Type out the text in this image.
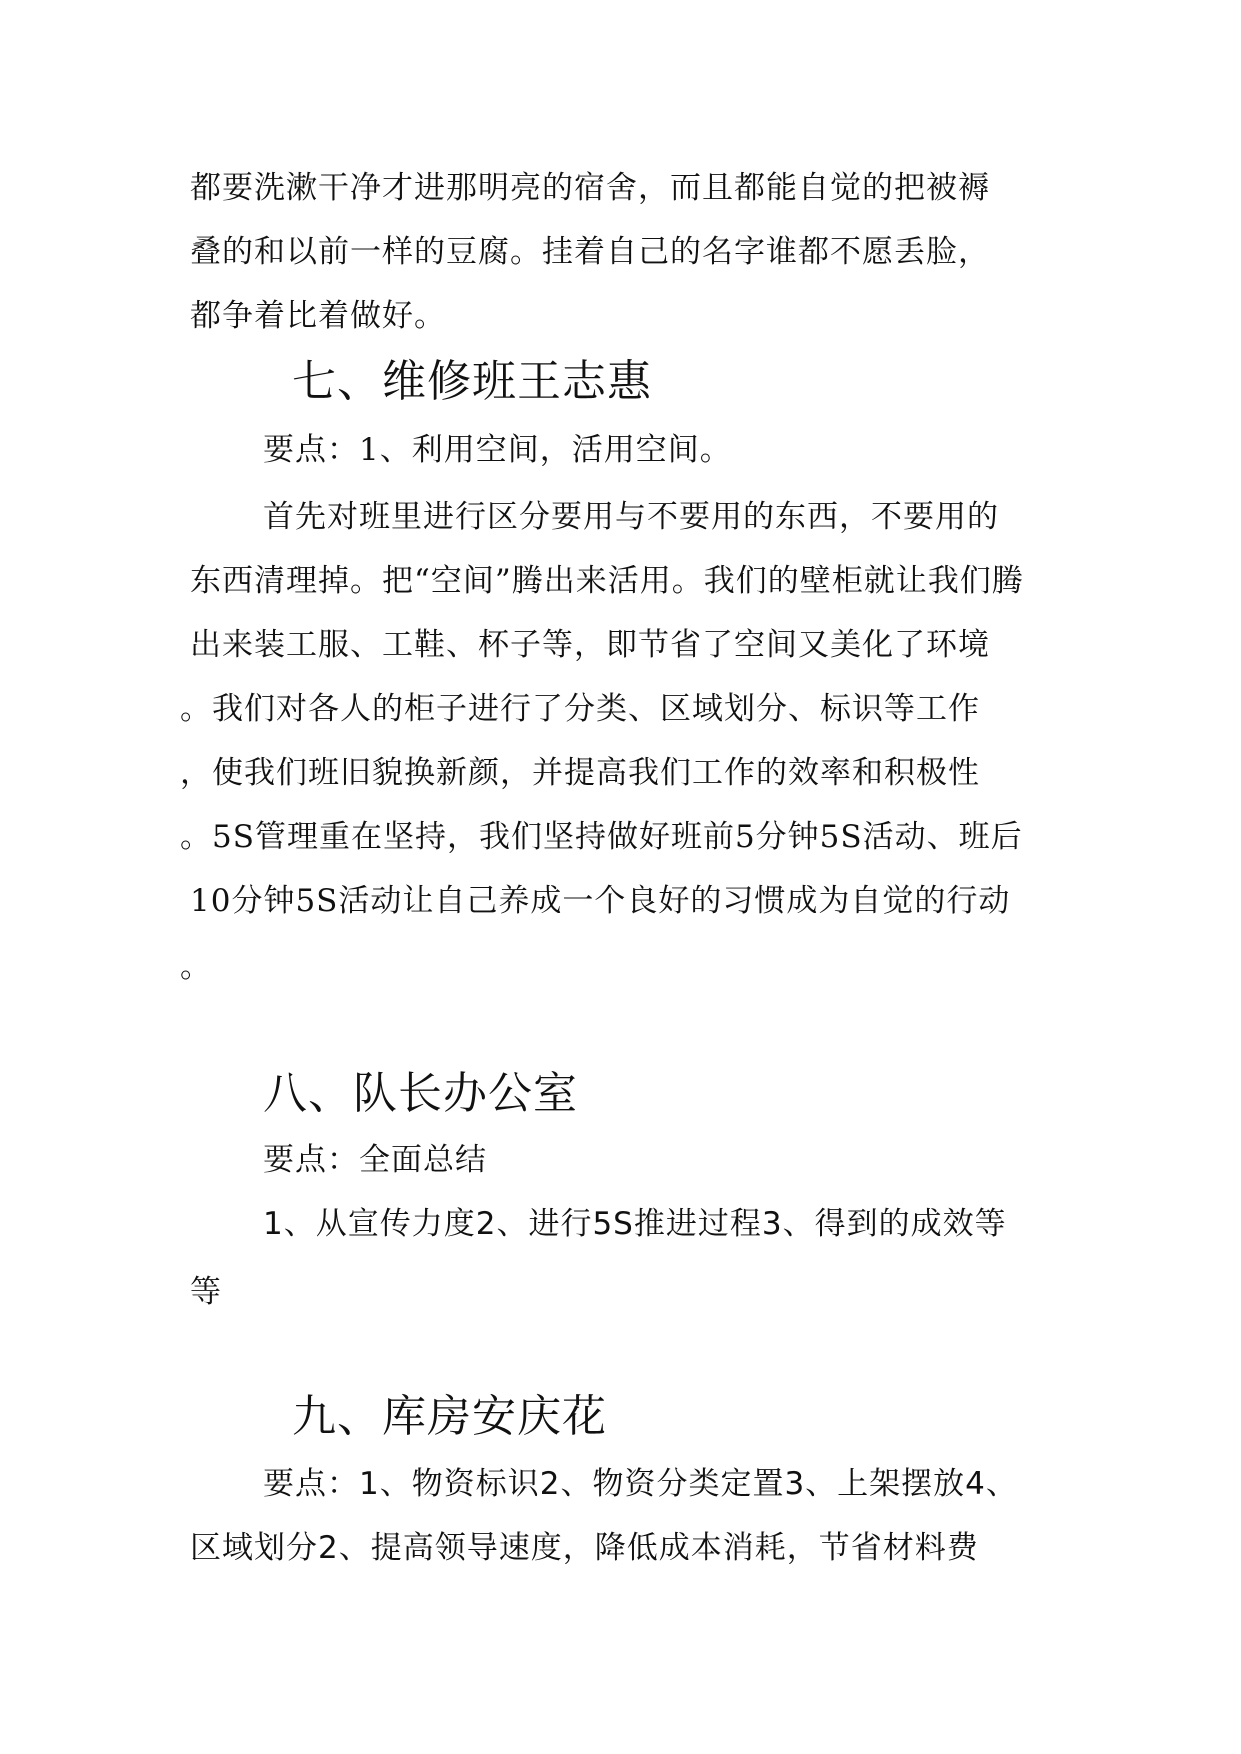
都要洗漱干净才进那明亮的宿舍，而且都能自觉的把被褥
叠的和以前一样的豆腐。挂着自己的名字谁都不愿丢脸，
都争着比着做好。
七、维修班王志惠
要点：1、利用空间，活用空间。
首先对班里进行区分要用与不要用的东西，不要用的
东西清理掉。把“空间”腾出来活用。我们的壁柜就让我们腾
出来装工服、工鞋、杯子等，即节省了空间又美化了环境
。我们对各人的柜子进行了分类、区域划分、标识等工作
，使我们班旧貌换新颜，并提高我们工作的效率和积极性
。5S管理重在坚持，我们坚持做好班前5分钟5S活动、班后
10分钟5S活动让自己养成一个良好的习惯成为自觉的行动
。
八、队长办公室
要点：全面总结
1、从宣传力度2、进行5S推进过程3、得到的成效等
等
九、库房安庆花
要点：1、物资标识2、物资分类定置3、上架摆放4、
区域划分2、提高领导速度，降低成本消耗，节省材料费
